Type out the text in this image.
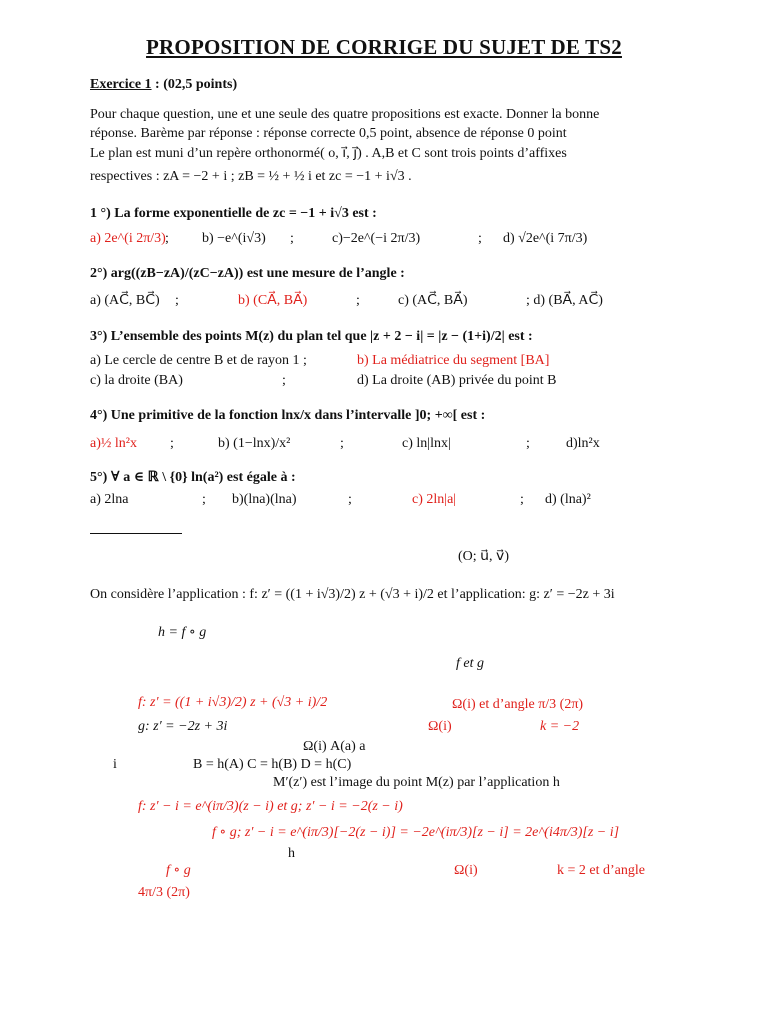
PROPOSITION DE CORRIGE DU SUJET DE TS2
Exercice 1 : (02,5 points)
Pour chaque question, une et une seule des quatre propositions est exacte. Donner la bonne
réponse. Barème par réponse : réponse correcte 0,5 point, absence de réponse 0 point
Le plan est muni d’un repère orthonormé( o, i⃗, j⃗) . A,B et C sont trois points d’affixes
respectives : zA = −2 + i ; zB = ½ + ½ i et zc = −1 + i√3 .
1 °) La forme exponentielle de zc = −1 + i√3 est :
a) 2e^(i 2π/3) ; b) −e^(i√3) ;	c)−2e^(−i 2π/3)	; d) √2e^(i 7π/3)
2°) arg((zB−zA)/(zC−zA)) est une mesure de l’angle :
a) (AC⃗, BC⃗) ;	b) (CA⃗, BA⃗)	;	c) (AC⃗, BA⃗)	; d) (BA⃗, AC⃗)
3°) L’ensemble des points M(z) du plan tel que |z + 2 − i| = |z − (1+i)/2| est :
a) Le cercle de centre B et de rayon 1 ;	b) La médiatrice du segment [BA]
c) la droite (BA)	;	d) La droite (AB) privée du point B
4°) Une primitive de la fonction lnx/x dans l’intervalle ]0; +∞[ est :
a)½ ln²x ;	b) (1−lnx)/x²	;	c) ln|lnx|	;	d)ln²x
5°) ∀ a ∈ ℝ \ {0} ln(a²) est égale à :
a) 2lna	; b)(lna)(lna)	;	c) 2ln|a|	; d) (lna)²
(O; u⃗, v⃗)
On considère l’application : f: z′ = ((1 + i√3)/2) z + (√3 + i)/2 et l’application: g: z′ = −2z + 3i
h = f ∘ g
f et g
f: z′ = ((1 + i√3)/2) z + (√3 + i)/2	Ω(i) et d’angle π/3 (2π)
g: z′ = −2z + 3i	Ω(i)	k = −2
Ω(i) A(a) a
i	B = h(A) C = h(B) D = h(C)
M′(z′) est l’image du point M(z) par l’application h
f: z′ − i = e^(iπ/3)(z − i) et g; z′ − i = −2(z − i)
f ∘ g; z′ − i = e^(iπ/3)[−2(z − i)] = −2e^(iπ/3)[z − i] = 2e^(i4π/3)[z − i]
h
f ∘ g	Ω(i)	k = 2 et d’angle
4π/3 (2π)
